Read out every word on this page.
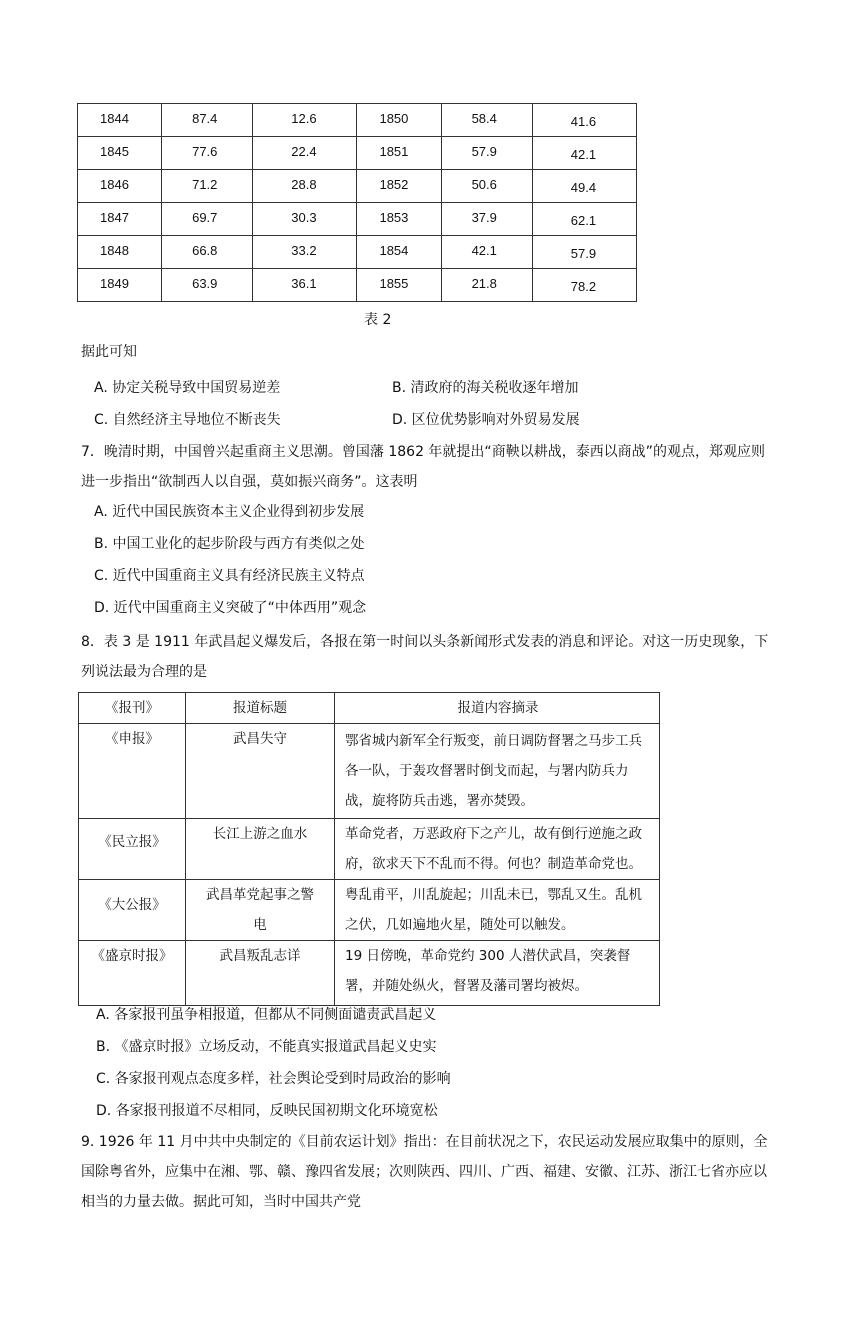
1844	87.4	12.6	1850	58.4	41.6

1845	77.6	22.4	1851	57.9	42.1

1846	71.2	28.8	1852	50.6	49.4

1847	69.7	30.3	1853	37.9	62.1

1848	66.8	33.2	1854	42.1	57.9

1849	63.9	36.1	1855	21.8	78.2
表 2
据此可知
A. 协定关税导致中国贸易逆差	B. 清政府的海关税收逐年增加
C. 自然经济主导地位不断丧失	D. 区位优势影响对外贸易发展
7．晚清时期，中国曾兴起重商主义思潮。曾国藩 1862 年就提出“商鞅以耕战，泰西以商战”的观点，郑观应则进一步指出“欲制西人以自强，莫如振兴商务”。这表明
A. 近代中国民族资本主义企业得到初步发展
B. 中国工业化的起步阶段与西方有类似之处
C. 近代中国重商主义具有经济民族主义特点
D. 近代中国重商主义突破了“中体西用”观念
8．表 3 是 1911 年武昌起义爆发后，各报在第一时间以头条新闻形式发表的消息和评论。对这一历史现象，下列说法最为合理的是
《报刊》	报道标题	报道内容摘录
《申报》	武昌失守	鄂省城内新军全行叛变，前日调防督署之马步工兵各一队，于轰攻督署时倒戈而起，与署内防兵力战，旋将防兵击逃，署亦焚毁。
《民立报》	长江上游之血水	革命党者，万恶政府下之产儿，故有倒行逆施之政府，欲求天下不乱而不得。何也？制造革命党也。
《大公报》	武昌革党起事之警电	粤乱甫平，川乱旋起；川乱未已，鄂乱又生。乱机之伏，几如遍地火星，随处可以触发。
《盛京时报》	武昌叛乱志详	19 日傍晚，革命党约 300 人潜伏武昌，突袭督署，并随处纵火，督署及藩司署均被烬。
A. 各家报刊虽争相报道，但都从不同侧面谴责武昌起义
B. 《盛京时报》立场反动，不能真实报道武昌起义史实
C. 各家报刊观点态度多样，社会舆论受到时局政治的影响
D. 各家报刊报道不尽相同，反映民国初期文化环境宽松
9. 1926 年 11 月中共中央制定的《目前农运计划》指出：在目前状况之下，农民运动发展应取集中的原则，全国除粤省外，应集中在湘、鄂、赣、豫四省发展；次则陕西、四川、广西、福建、安徽、江苏、浙江七省亦应以相当的力量去做。据此可知，当时中国共产党
